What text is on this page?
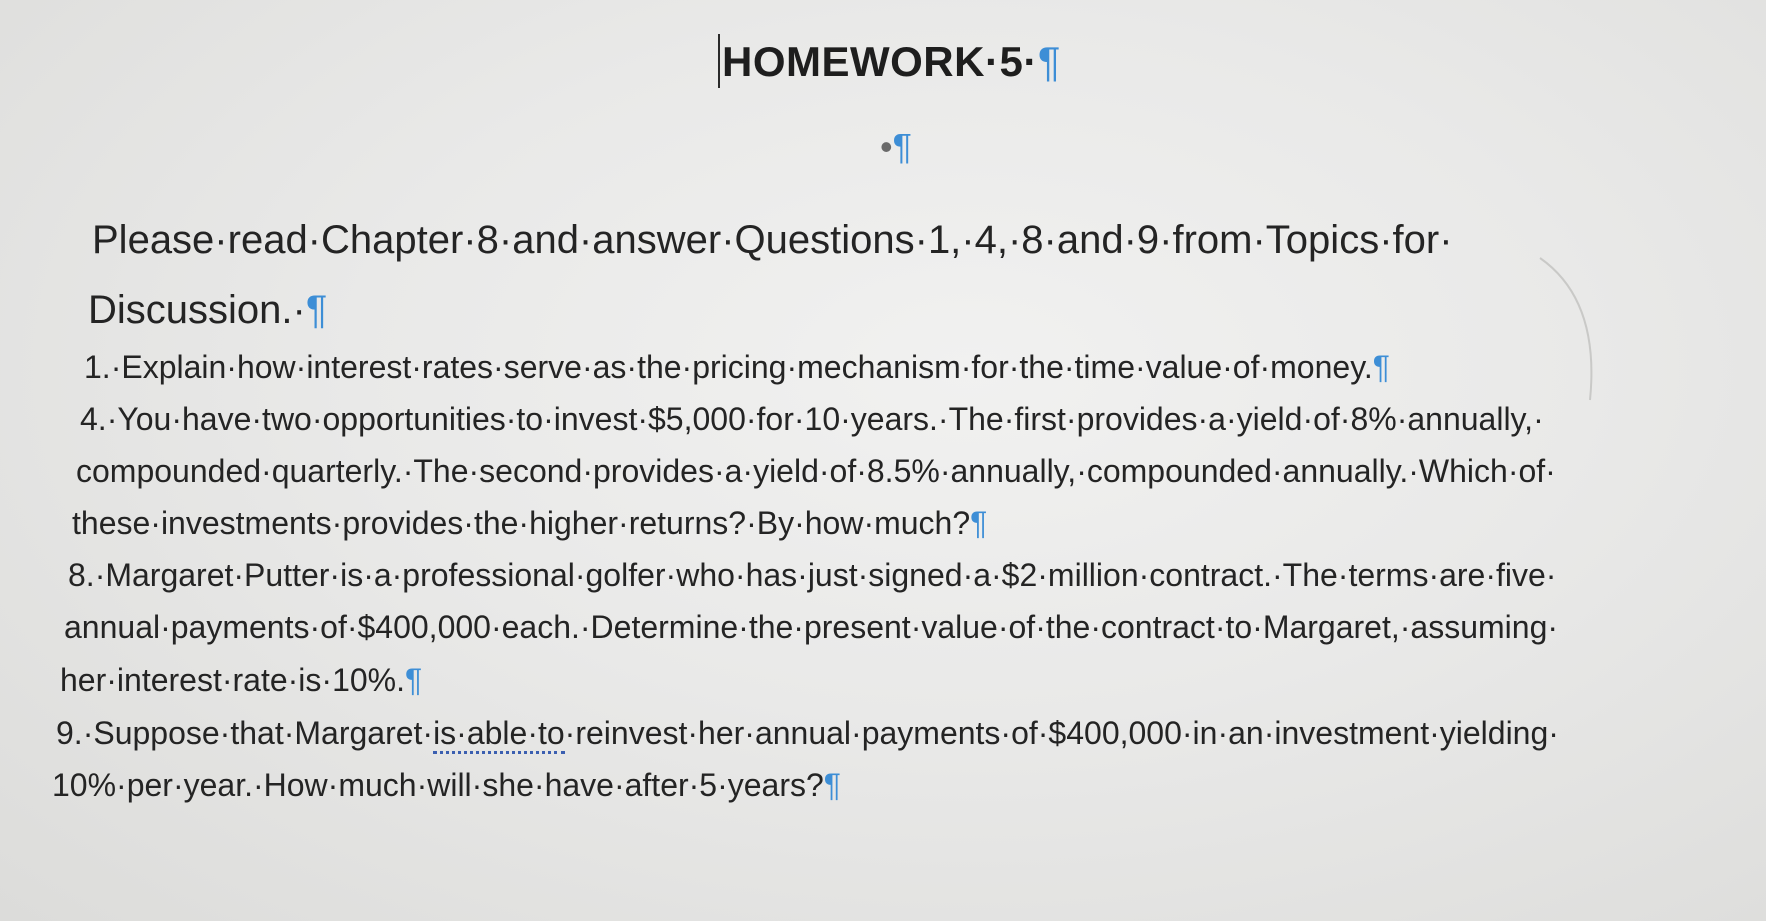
HOMEWORK·5·¶
•¶
Please·read·Chapter·8·and·answer·Questions·1,·4,·8·and·9·from·Topics·for·
Discussion.·¶
1.·Explain·how·interest·rates·serve·as·the·pricing·mechanism·for·the·time·value·of·money.¶
4.·You·have·two·opportunities·to·invest·$5,000·for·10·years.·The·first·provides·a·yield·of·8%·annually,·
compounded·quarterly.·The·second·provides·a·yield·of·8.5%·annually,·compounded·annually.·Which·of·
these·investments·provides·the·higher·returns?·By·how·much?¶
8.·Margaret·Putter·is·a·professional·golfer·who·has·just·signed·a·$2·million·contract.·The·terms·are·five·
annual·payments·of·$400,000·each.·Determine·the·present·value·of·the·contract·to·Margaret,·assuming·
her·interest·rate·is·10%.¶
9.·Suppose·that·Margaret·is·able·to·reinvest·her·annual·payments·of·$400,000·in·an·investment·yielding·
10%·per·year.·How·much·will·she·have·after·5·years?¶
